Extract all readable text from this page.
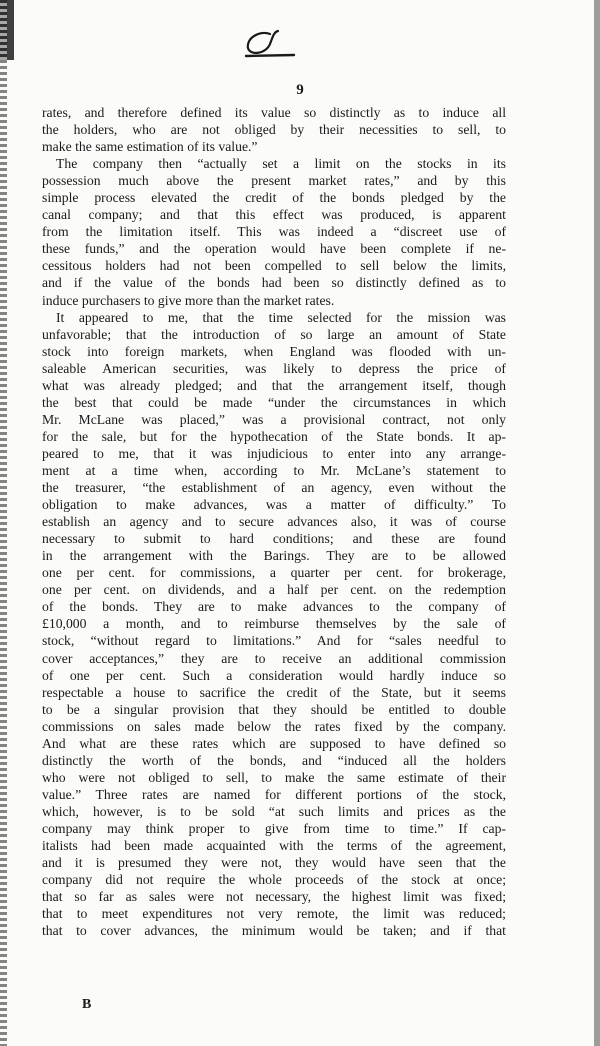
9
rates, and therefore defined its value so distinctly as to induce all
the holders, who are not obliged by their necessities to sell, to
make the same estimation of its value.”
The company then “actually set a limit on the stocks in its
possession much above the present market rates,” and by this
simple process elevated the credit of the bonds pledged by the
canal company; and that this effect was produced, is apparent
from the limitation itself. This was indeed a “discreet use of
these funds,” and the operation would have been complete if ne-
cessitous holders had not been compelled to sell below the limits,
and if the value of the bonds had been so distinctly defined as to
induce purchasers to give more than the market rates.
It appeared to me, that the time selected for the mission was
unfavorable; that the introduction of so large an amount of State
stock into foreign markets, when England was flooded with un-
saleable American securities, was likely to depress the price of
what was already pledged; and that the arrangement itself, though
the best that could be made “under the circumstances in which
Mr. McLane was placed,” was a provisional contract, not only
for the sale, but for the hypothecation of the State bonds. It ap-
peared to me, that it was injudicious to enter into any arrange-
ment at a time when, according to Mr. McLane’s statement to
the treasurer, “the establishment of an agency, even without the
obligation to make advances, was a matter of difficulty.” To
establish an agency and to secure advances also, it was of course
necessary to submit to hard conditions; and these are found
in the arrangement with the Barings. They are to be allowed
one per cent. for commissions, a quarter per cent. for brokerage,
one per cent. on dividends, and a half per cent. on the redemption
of the bonds. They are to make advances to the company of
£10,000 a month, and to reimburse themselves by the sale of
stock, “without regard to limitations.” And for “sales needful to
cover acceptances,” they are to receive an additional commission
of one per cent. Such a consideration would hardly induce so
respectable a house to sacrifice the credit of the State, but it seems
to be a singular provision that they should be entitled to double
commissions on sales made below the rates fixed by the company.
And what are these rates which are supposed to have defined so
distinctly the worth of the bonds, and “induced all the holders
who were not obliged to sell, to make the same estimate of their
value.” Three rates are named for different portions of the stock,
which, however, is to be sold “at such limits and prices as the
company may think proper to give from time to time.” If cap-
italists had been made acquainted with the terms of the agreement,
and it is presumed they were not, they would have seen that the
company did not require the whole proceeds of the stock at once;
that so far as sales were not necessary, the highest limit was fixed;
that to meet expenditures not very remote, the limit was reduced;
that to cover advances, the minimum would be taken; and if that
B
